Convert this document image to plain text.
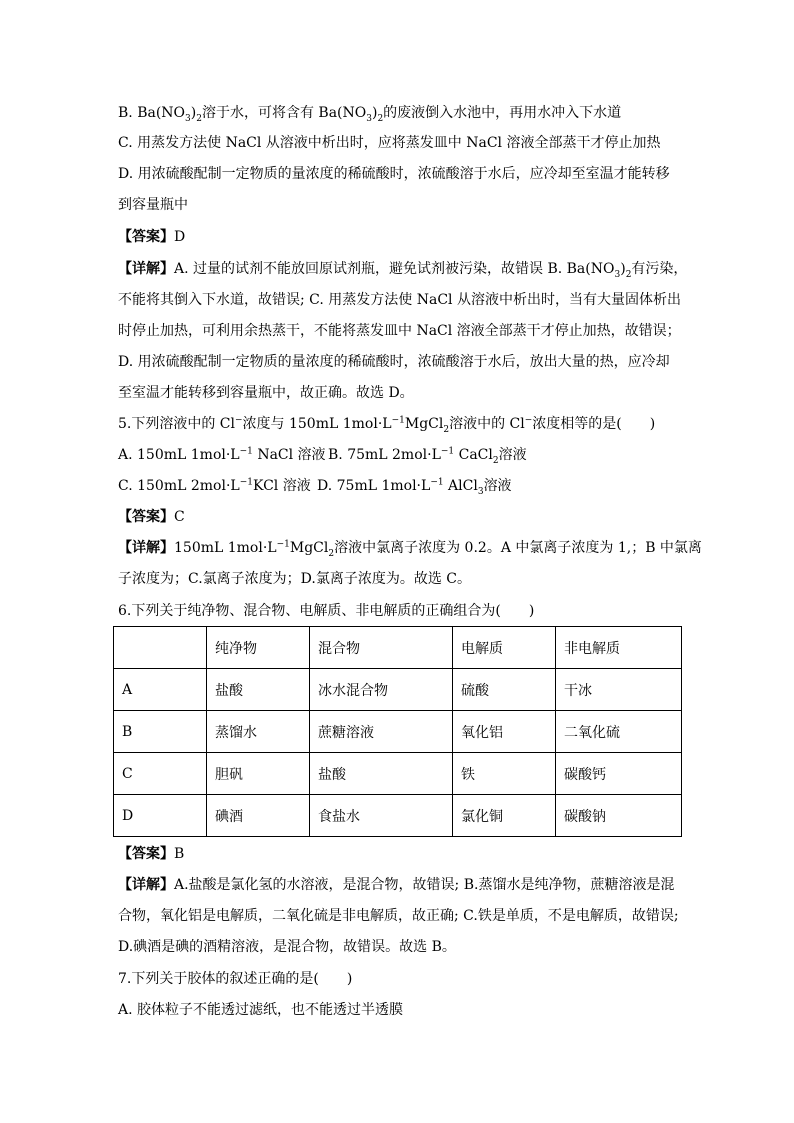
B. $Ba(NO_3)_2$溶于水，可将含有 $Ba(NO_3)_2$的废液倒入水池中，再用水冲入下水道
C. 用蒸发方法使 NaCl 从溶液中析出时，应将蒸发皿中 NaCl 溶液全部蒸干才停止加热
D. 用浓硫酸配制一定物质的量浓度的稀硫酸时，浓硫酸溶于水后，应冷却至室温才能转移
到容量瓶中
【答案】D
【详解】A. 过量的试剂不能放回原试剂瓶，避免试剂被污染，故错误 B. $Ba(NO_3)_2$有污染，
不能将其倒入下水道，故错误; C. 用蒸发方法使 NaCl 从溶液中析出时，当有大量固体析出
时停止加热，可利用余热蒸干，不能将蒸发皿中 NaCl 溶液全部蒸干才停止加热，故错误；
D. 用浓硫酸配制一定物质的量浓度的稀硫酸时，浓硫酸溶于水后，放出大量的热，应冷却
至室温才能转移到容量瓶中，故正确。故选 D。
5.下列溶液中的 Cl−浓度与 150mL $1mol\cdot L^{-1}MgCl_2$溶液中的 Cl−浓度相等的是(　　)
A. 150mL $1mol\cdot L^{-1}$ NaCl 溶液 B. 75mL $2mol\cdot L^{-1}$ CaCl$_2$溶液
C. 150mL $2mol\cdot L^{-1}KCl$ 溶液 D. 75mL $1mol\cdot L^{-1}$ AlCl$_3$溶液
【答案】C
【详解】150mL $1mol\cdot L^{-1}MgCl_2$溶液中氯离子浓度为 0.2。A 中氯离子浓度为 1,；B 中氯离
子浓度为；C.氯离子浓度为；D.氯离子浓度为。故选 C。
6.下列关于纯净物、混合物、电解质、非电解质的正确组合为(　　)
	纯净物	混合物	电解质	非电解质
A	盐酸	冰水混合物	硫酸	干冰
B	蒸馏水	蔗糖溶液	氧化铝	二氧化硫
C	胆矾	盐酸	铁	碳酸钙
D	碘酒	食盐水	氯化铜	碳酸钠
【答案】B
【详解】A.盐酸是氯化氢的水溶液，是混合物，故错误; B.蒸馏水是纯净物，蔗糖溶液是混
合物，氧化铝是电解质，二氧化硫是非电解质，故正确; C.铁是单质，不是电解质，故错误;
D.碘酒是碘的酒精溶液，是混合物，故错误。故选 B。
7.下列关于胶体的叙述正确的是(　　)
A. 胶体粒子不能透过滤纸，也不能透过半透膜
